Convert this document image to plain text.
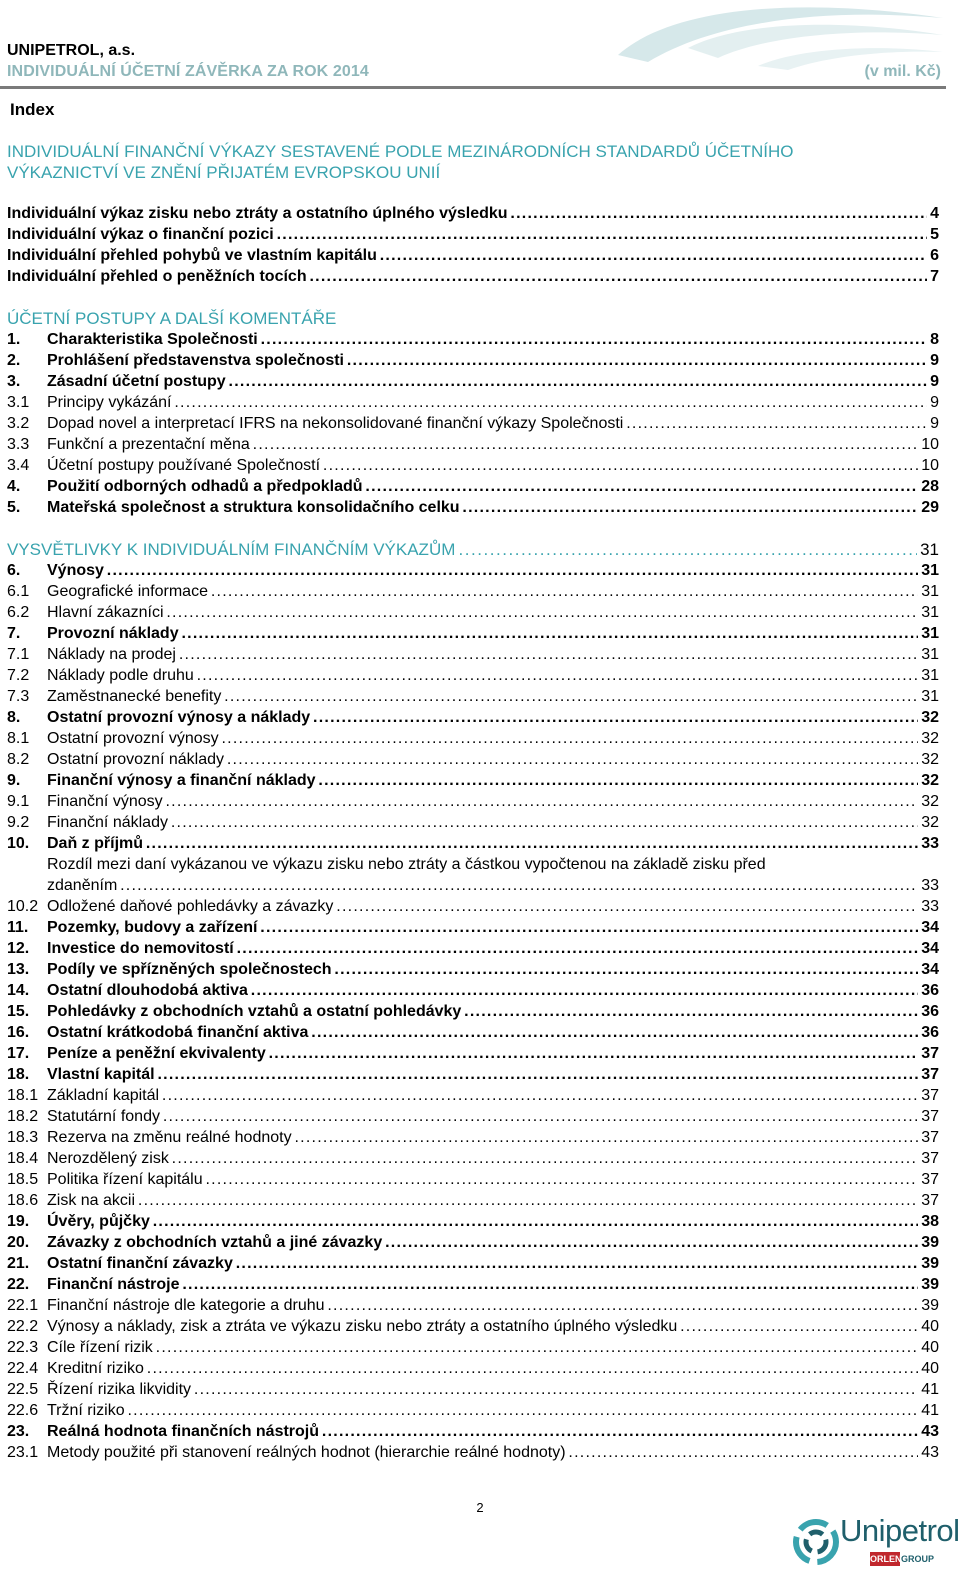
UNIPETROL, a.s.
INDIVIDUÁLNÍ ÚČETNÍ ZÁVĚRKA ZA ROK 2014	(v mil. Kč)
Index
INDIVIDUÁLNÍ FINANČNÍ VÝKAZY SESTAVENÉ PODLE MEZINÁRODNÍCH STANDARDŮ ÚČETNÍHO VÝKAZNICTVÍ VE ZNĚNÍ PŘIJATÉM EVROPSKOU UNIÍ
Individuální výkaz zisku nebo ztráty a ostatního úplného výsledku . . .	4
Individuální výkaz o finanční pozici . . .	5
Individuální přehled pohybů ve vlastním kapitálu . . .	6
Individuální přehled o peněžních tocích . . .	7
ÚČETNÍ POSTUPY A DALŠÍ KOMENTÁŘE
1. Charakteristika Společnosti . . .	8
2. Prohlášení představenstva společnosti . . .	9
3. Zásadní účetní postupy . . .	9
3.1 Principy vykázání . . .	9
3.2 Dopad novel a interpretací IFRS na nekonsolidované finanční výkazy Společnosti . . .	9
3.3 Funkční a prezentační měna . . .	10
3.4 Účetní postupy používané Společností . . .	10
4. Použití odborných odhadů a předpokladů . . .	28
5. Mateřská společnost a struktura konsolidačního celku . . .	29
VYSVĚTLIVKY K INDIVIDUÁLNÍM FINANČNÍM VÝKAZŮM . . .	31
6. Výnosy . . .	31
6.1 Geografické informace . . .	31
6.2 Hlavní zákazníci . . .	31
7. Provozní náklady . . .	31
7.1 Náklady na prodej . . .	31
7.2 Náklady podle druhu . . .	31
7.3 Zaměstnanecké benefity . . .	31
8. Ostatní provozní výnosy a náklady . . .	32
8.1 Ostatní provozní výnosy . . .	32
8.2 Ostatní provozní náklady . . .	32
9. Finanční výnosy a finanční náklady . . .	32
9.1 Finanční výnosy . . .	32
9.2 Finanční náklady . . .	32
10. Daň z příjmů . . .	33
Rozdíl mezi daní vykázanou ve výkazu zisku nebo ztráty a částkou vypočtenou na základě zisku před
zdaněním . . .	33
10.2 Odložené daňové pohledávky a závazky . . .	33
11. Pozemky, budovy a zařízení . . .	34
12. Investice do nemovitostí . . .	34
13. Podíly ve spřízněných společnostech . . .	34
14. Ostatní dlouhodobá aktiva . . .	36
15. Pohledávky z obchodních vztahů a ostatní pohledávky . . .	36
16. Ostatní krátkodobá finanční aktiva . . .	36
17. Peníze a peněžní ekvivalenty . . .	37
18. Vlastní kapitál . . .	37
18.1 Základní kapitál . . .	37
18.2 Statutární fondy . . .	37
18.3 Rezerva na změnu reálné hodnoty . . .	37
18.4 Nerozdělený zisk . . .	37
18.5 Politika řízení kapitálu . . .	37
18.6 Zisk na akcii . . .	37
19. Úvěry, půjčky . . .	38
20. Závazky z obchodních vztahů a jiné závazky . . .	39
21. Ostatní finanční závazky . . .	39
22. Finanční nástroje . . .	39
22.1 Finanční nástroje dle kategorie a druhu . . .	39
22.2 Výnosy a náklady, zisk a ztráta ve výkazu zisku nebo ztráty a ostatního úplného výsledku . . .	40
22.3 Cíle řízení rizik . . .	40
22.4 Kreditní riziko . . .	40
22.5 Řízení rizika likvidity . . .	41
22.6 Tržní riziko . . .	41
23. Reálná hodnota finančních nástrojů . . .	43
23.1 Metody použité při stanovení reálných hodnot (hierarchie reálné hodnoty) . . .	43
2
Unipetrol
ORLEN GROUP
